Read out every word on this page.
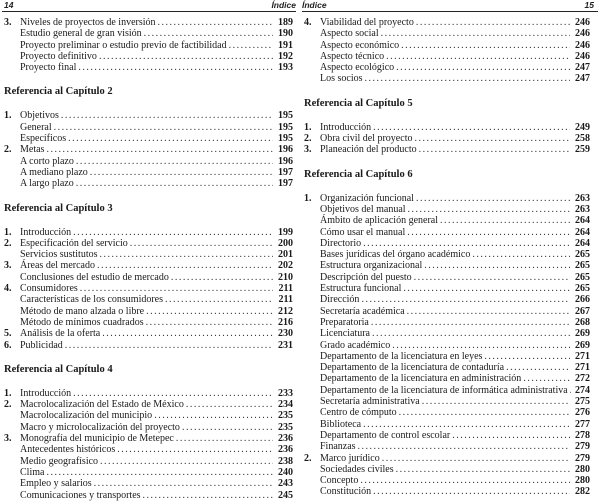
14	Índice
3. Niveles de proyectos de inversión . . .	189
Estudio general de gran visión . . .	190
Proyecto preliminar o estudio previo de factibilidad . . .	191
Proyecto definitivo . . .	192
Proyecto final . . .	193
Referencia al Capítulo 2
1. Objetivos . . .	195
General . . .	195
Específicos . . .	195
2. Metas . . .	196
A corto plazo . . .	196
A mediano plazo . . .	197
A largo plazo . . .	197
Referencia al Capítulo 3
1. Introducción . . .	199
2. Especificación del servicio . . .	200
Servicios sustitutos . . .	201
3. Áreas del mercado . . .	202
Conclusiones del estudio de mercado . . .	210
4. Consumidores . . .	211
Características de los consumidores . . .	211
Método de mano alzada o libre . . .	212
Método de mínimos cuadrados . . .	216
5. Análisis de la oferta . . .	230
6. Publicidad . . .	231
Referencia al Capítulo 4
1. Introducción . . .	233
2. Macrolocalización del Estado de México . . .	234
Macrolocalización del municipio . . .	235
Macro y microlocalización del proyecto . . .	235
3. Monografía del municipio de Metepec . . .	236
Antecedentes históricos . . .	236
Medio geografísico . . .	238
Clima . . .	240
Empleo y salarios . . .	243
Comunicaciones y transportes . . .	245
Índice	15
4. Viabilidad del proyecto . . .	246
Aspecto social . . .	246
Aspecto económico . . .	246
Aspecto técnico . . .	246
Aspecto ecológico . . .	247
Los socios . . .	247
Referencia al Capítulo 5
1. Introducción . . .	249
2. Obra civil del proyecto . . .	258
3. Planeación del producto . . .	259
Referencia al Capítulo 6
1. Organización funcional . . .	263
Objetivos del manual . . .	263
Ámbito de aplicación general . . .	264
Cómo usar el manual . . .	264
Directorio . . .	264
Bases jurídicas del órgano académico . . .	265
Estructura organizacional . . .	265
Descripción del puesto . . .	265
Estructura funcional . . .	265
Dirección . . .	266
Secretaría académica . . .	267
Preparatoria . . .	268
Licenciatura . . .	269
Grado académico . . .	269
Departamento de la licenciatura en leyes . . .	271
Departamento de la licenciatura de contaduría . . .	271
Departamento de la licenciatura en administración . . .	272
Departamento de la licenciatura de informática administrativa . . . 274
Secretaría administrativa . . .	275
Centro de cómputo . . .	276
Biblioteca . . .	277
Departamento de control escolar . . .	278
Finanzas . . .	279
2. Marco jurídico . . .	279
Sociedades civiles . . .	280
Concepto . . .	280
Constitución . . .	282
